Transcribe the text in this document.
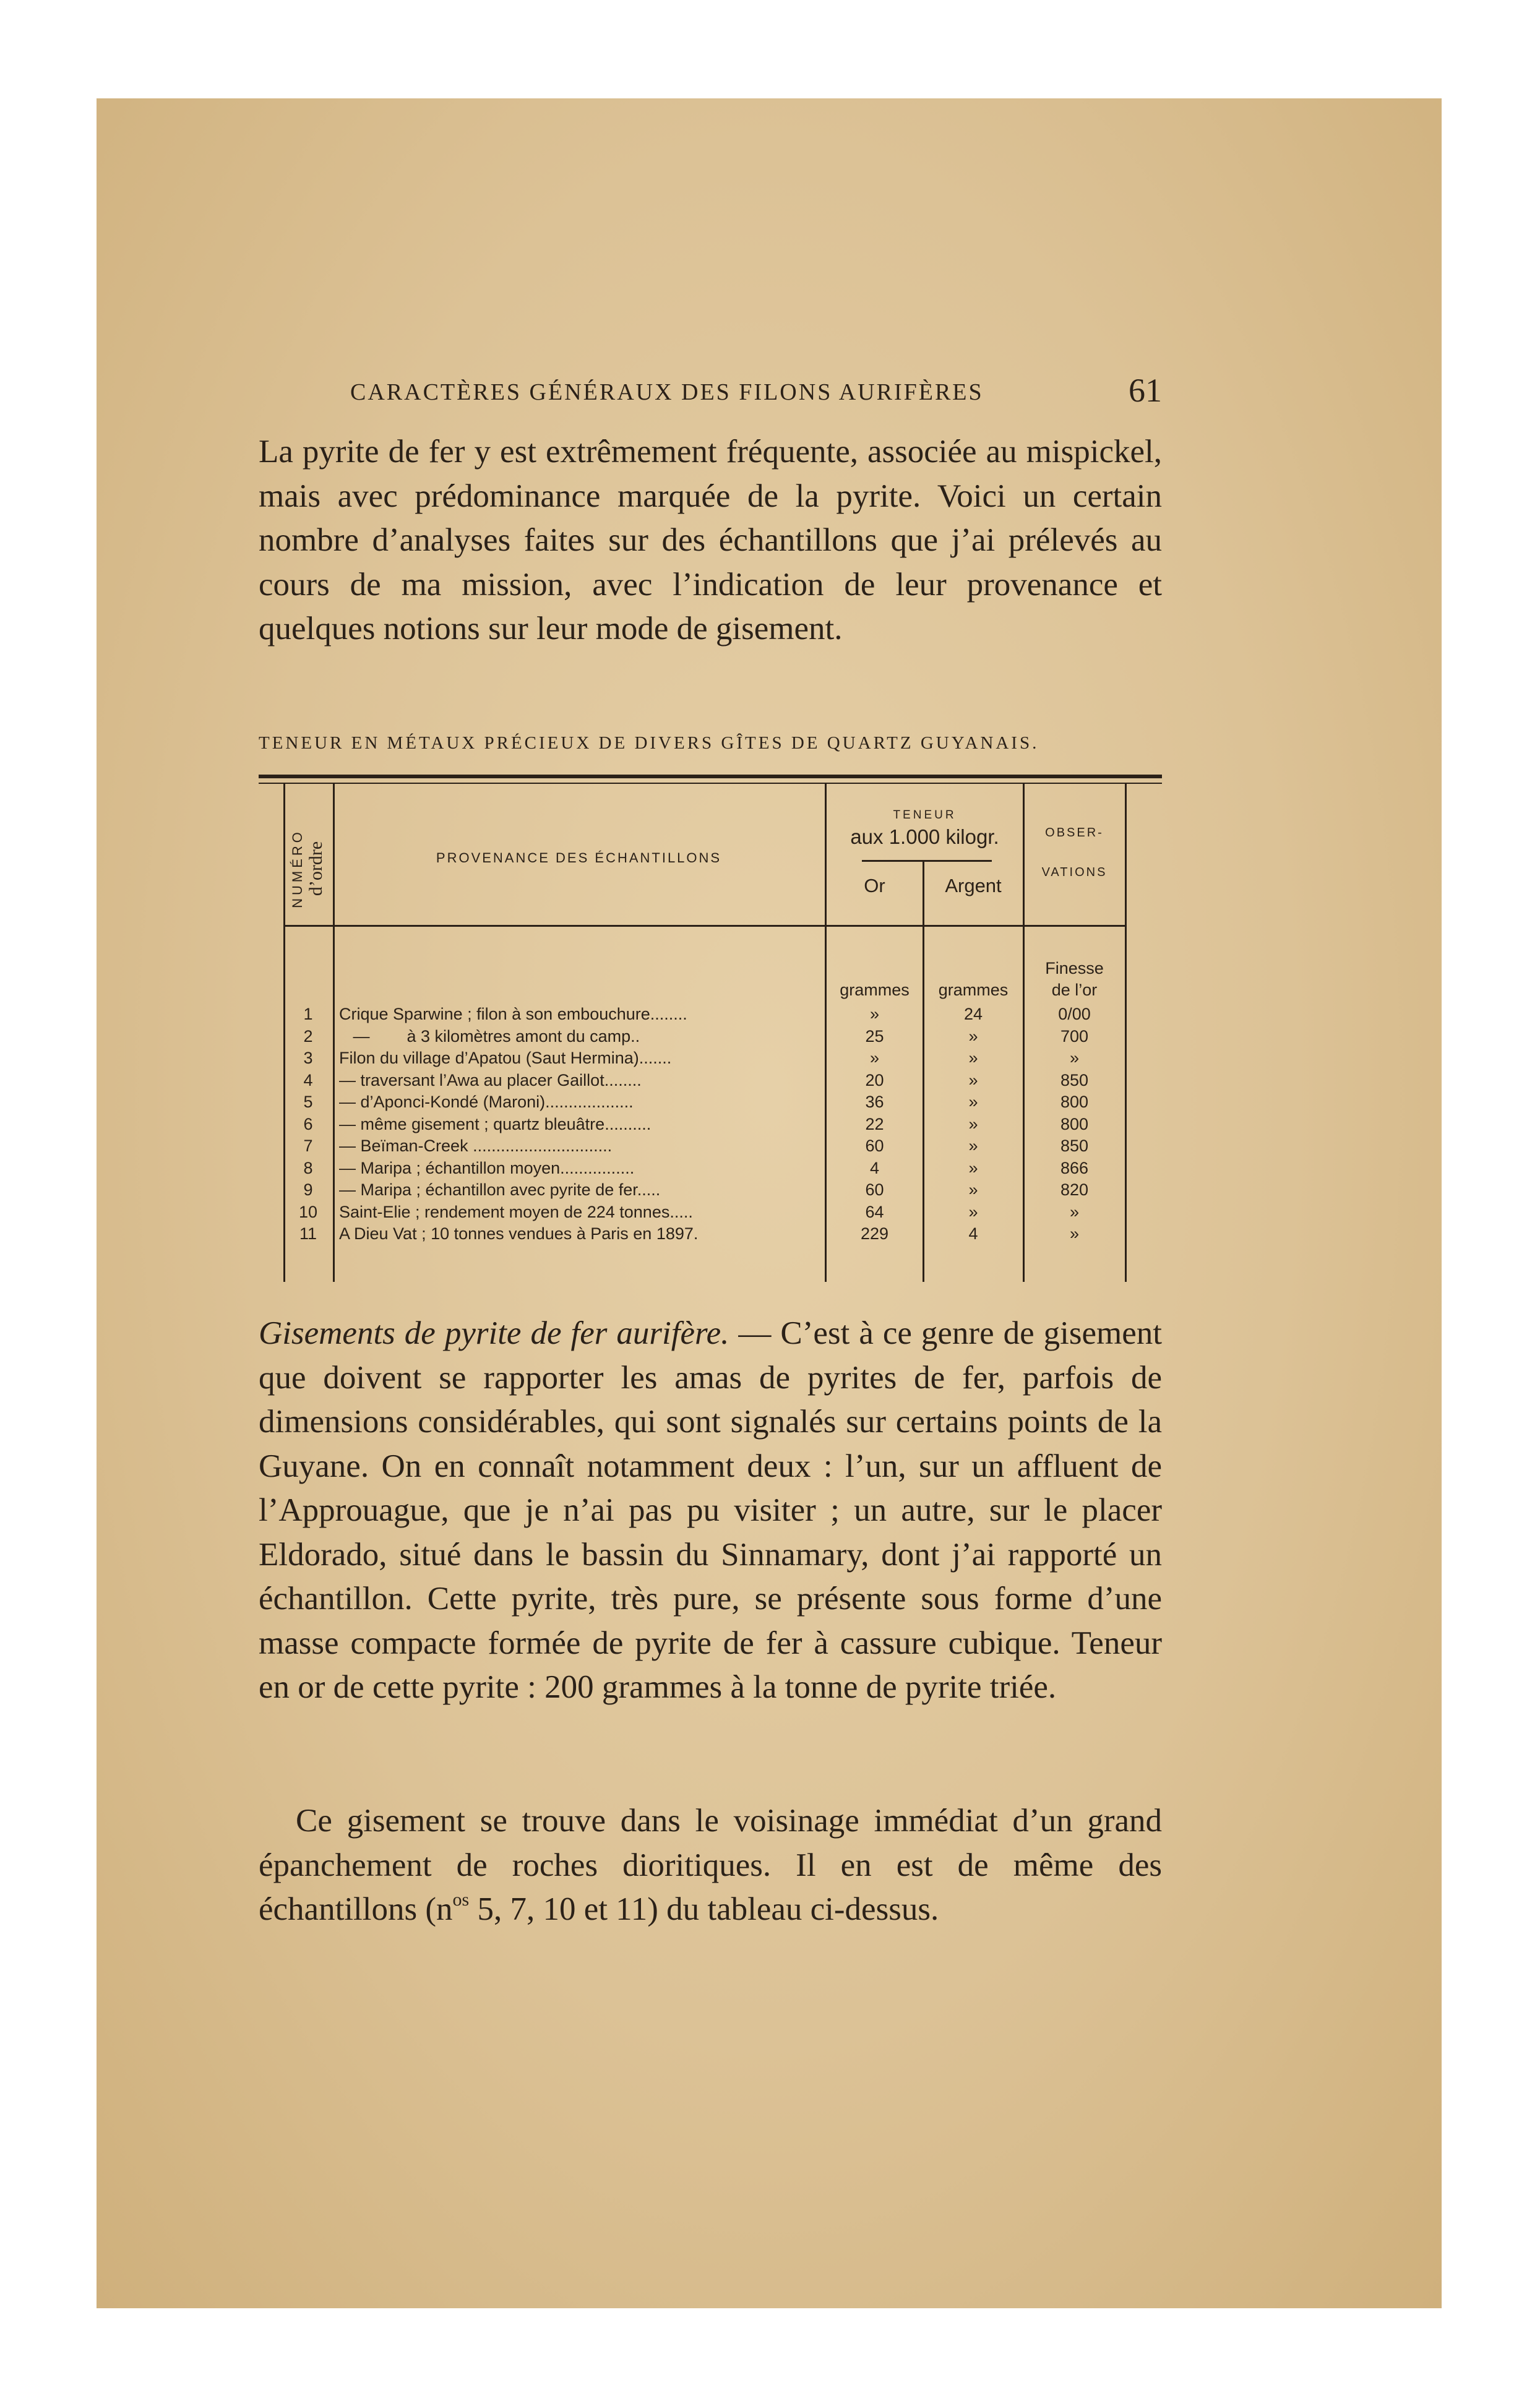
CARACTÈRES GÉNÉRAUX DES FILONS AURIFÈRES	61

La pyrite de fer y est extrêmement fréquente, associée au mispickel, mais avec prédominance marquée de la pyrite. Voici un certain nombre d’analyses faites sur des échantillons que j’ai prélevés au cours de ma mission, avec l’indication de leur provenance et quelques notions sur leur mode de gisement.

TENEUR EN MÉTAUX PRÉCIEUX DE DIVERS GÎTES DE QUARTZ GUYANAIS.
NUMÉRO d’ordre	PROVENANCE DES ÉCHANTILLONS
TENEUR
aux 1.000 kilogr.
Or	Argent
OBSER-
VATIONS
grammes	grammes
Finesse
de l’or
1	Crique Sparwine ; filon à son embouchure........	»	24	0/00
2	—        à 3 kilomètres amont du camp..	25	»	700
3	Filon du village d’Apatou (Saut Hermina).......	»	»	»
4	— traversant l’Awa au placer Gaillot........	20	»	850
5	— d’Aponci-Kondé (Maroni)...................	36	»	800
6	— même gisement ; quartz bleuâtre..........	22	»	800
7	— Beïman-Creek ..............................	60	»	850
8	— Maripa ; échantillon moyen................	4	»	866
9	— Maripa ; échantillon avec pyrite de fer.....	60	»	820
10	Saint-Elie ; rendement moyen de 224 tonnes.....	64	»	»
11	A Dieu Vat ; 10 tonnes vendues à Paris en 1897.	229	4	»

Gisements de pyrite de fer aurifère. — C’est à ce genre de gisement que doivent se rapporter les amas de pyrites de fer, parfois de dimensions considérables, qui sont signalés sur certains points de la Guyane. On en connaît notamment deux : l’un, sur un affluent de l’Approuague, que je n’ai pas pu visiter ; un autre, sur le placer Eldorado, situé dans le bassin du Sinnamary, dont j’ai rapporté un échantillon. Cette pyrite, très pure, se présente sous forme d’une masse compacte formée de pyrite de fer à cassure cubique. Teneur en or de cette pyrite : 200 grammes à la tonne de pyrite triée.

Ce gisement se trouve dans le voisinage immédiat d’un grand épanchement de roches dioritiques. Il en est de même des échantillons ($n^{os}$ 5, 7, 10 et 11) du tableau ci-dessus.
